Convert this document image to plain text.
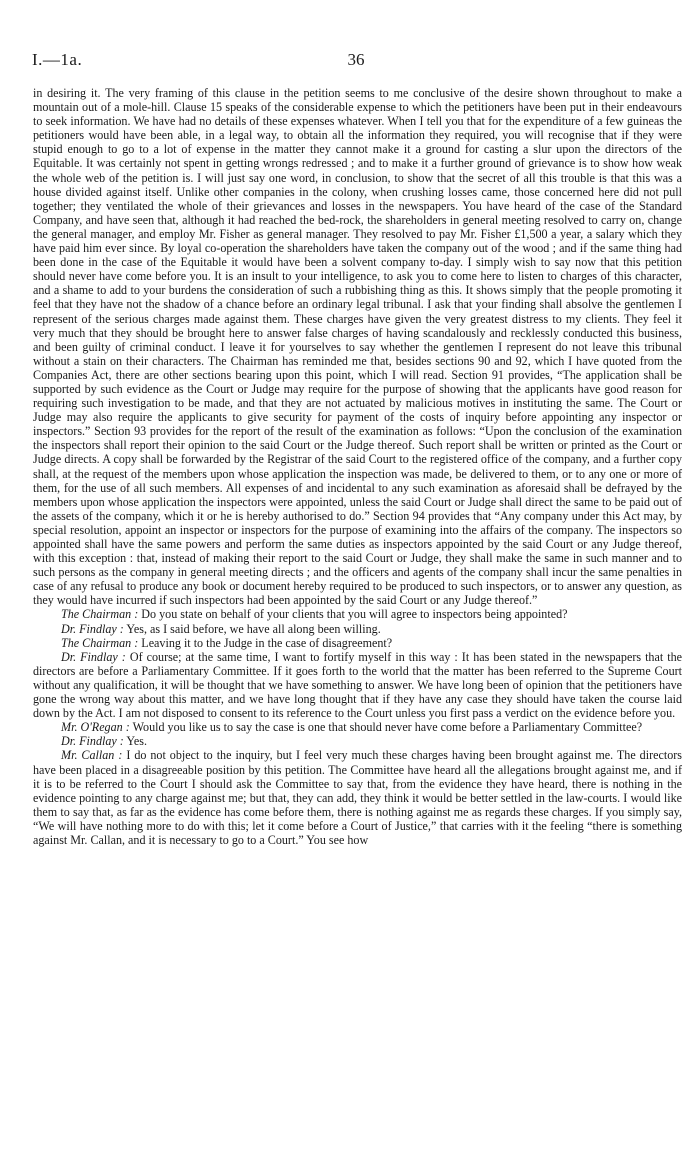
I.—1a.	36

in desiring it. The very framing of this clause in the petition seems to me conclusive of the desire shown throughout to make a mountain out of a mole-hill. Clause 15 speaks of the considerable expense to which the petitioners have been put in their endeavours to seek information. We have had no details of these expenses whatever. When I tell you that for the expenditure of a few guineas the petitioners would have been able, in a legal way, to obtain all the information they required, you will recognise that if they were stupid enough to go to a lot of expense in the matter they cannot make it a ground for casting a slur upon the directors of the Equitable. It was certainly not spent in getting wrongs redressed ; and to make it a further ground of grievance is to show how weak the whole web of the petition is. I will just say one word, in conclusion, to show that the secret of all this trouble is that this was a house divided against itself. Unlike other companies in the colony, when crushing losses came, those concerned here did not pull together; they ventilated the whole of their grievances and losses in the newspapers. You have heard of the case of the Standard Company, and have seen that, although it had reached the bed-rock, the shareholders in general meeting resolved to carry on, change the general manager, and employ Mr. Fisher as general manager. They resolved to pay Mr. Fisher £1,500 a year, a salary which they have paid him ever since. By loyal co-operation the shareholders have taken the company out of the wood ; and if the same thing had been done in the case of the Equitable it would have been a solvent company to-day. I simply wish to say now that this petition should never have come before you. It is an insult to your intelligence, to ask you to come here to listen to charges of this character, and a shame to add to your burdens the consideration of such a rubbishing thing as this. It shows simply that the people promoting it feel that they have not the shadow of a chance before an ordinary legal tribunal. I ask that your finding shall absolve the gentlemen I represent of the serious charges made against them. These charges have given the very greatest distress to my clients. They feel it very much that they should be brought here to answer false charges of having scandalously and recklessly conducted this business, and been guilty of criminal conduct. I leave it for yourselves to say whether the gentlemen I represent do not leave this tribunal without a stain on their characters. The Chairman has reminded me that, besides sections 90 and 92, which I have quoted from the Companies Act, there are other sections bearing upon this point, which I will read. Section 91 provides, “The application shall be supported by such evidence as the Court or Judge may require for the purpose of showing that the applicants have good reason for requiring such investigation to be made, and that they are not actuated by malicious motives in instituting the same. The Court or Judge may also require the applicants to give security for payment of the costs of inquiry before appointing any inspector or inspectors.” Section 93 provides for the report of the result of the examination as follows: “Upon the conclusion of the examination the inspectors shall report their opinion to the said Court or the Judge thereof. Such report shall be written or printed as the Court or Judge directs. A copy shall be forwarded by the Registrar of the said Court to the registered office of the company, and a further copy shall, at the request of the members upon whose application the inspection was made, be delivered to them, or to any one or more of them, for the use of all such members. All expenses of and incidental to any such examination as aforesaid shall be defrayed by the members upon whose application the inspectors were appointed, unless the said Court or Judge shall direct the same to be paid out of the assets of the company, which it or he is hereby authorised to do.” Section 94 provides that “Any company under this Act may, by special resolution, appoint an inspector or inspectors for the purpose of examining into the affairs of the company. The inspectors so appointed shall have the same powers and perform the same duties as inspectors appointed by the said Court or any Judge thereof, with this exception : that, instead of making their report to the said Court or Judge, they shall make the same in such manner and to such persons as the company in general meeting directs ; and the officers and agents of the company shall incur the same penalties in case of any refusal to produce any book or document hereby required to be produced to such inspectors, or to answer any question, as they would have incurred if such inspectors had been appointed by the said Court or any Judge thereof.”

The Chairman : Do you state on behalf of your clients that you will agree to inspectors being appointed?

Dr. Findlay : Yes, as I said before, we have all along been willing.

The Chairman : Leaving it to the Judge in the case of disagreement?

Dr. Findlay : Of course; at the same time, I want to fortify myself in this way : It has been stated in the newspapers that the directors are before a Parliamentary Committee. If it goes forth to the world that the matter has been referred to the Supreme Court without any qualification, it will be thought that we have something to answer. We have long been of opinion that the petitioners have gone the wrong way about this matter, and we have long thought that if they have any case they should have taken the course laid down by the Act. I am not disposed to consent to its reference to the Court unless you first pass a verdict on the evidence before you.

Mr. O'Regan : Would you like us to say the case is one that should never have come before a Parliamentary Committee?

Dr. Findlay : Yes.

Mr. Callan : I do not object to the inquiry, but I feel very much these charges having been brought against me. The directors have been placed in a disagreeable position by this petition. The Committee have heard all the allegations brought against me, and if it is to be referred to the Court I should ask the Committee to say that, from the evidence they have heard, there is nothing in the evidence pointing to any charge against me; but that, they can add, they think it would be better settled in the law-courts. I would like them to say that, as far as the evidence has come before them, there is nothing against me as regards these charges. If you simply say, “We will have nothing more to do with this; let it come before a Court of Justice,” that carries with it the feeling “there is something against Mr. Callan, and it is necessary to go to a Court.” You see how
